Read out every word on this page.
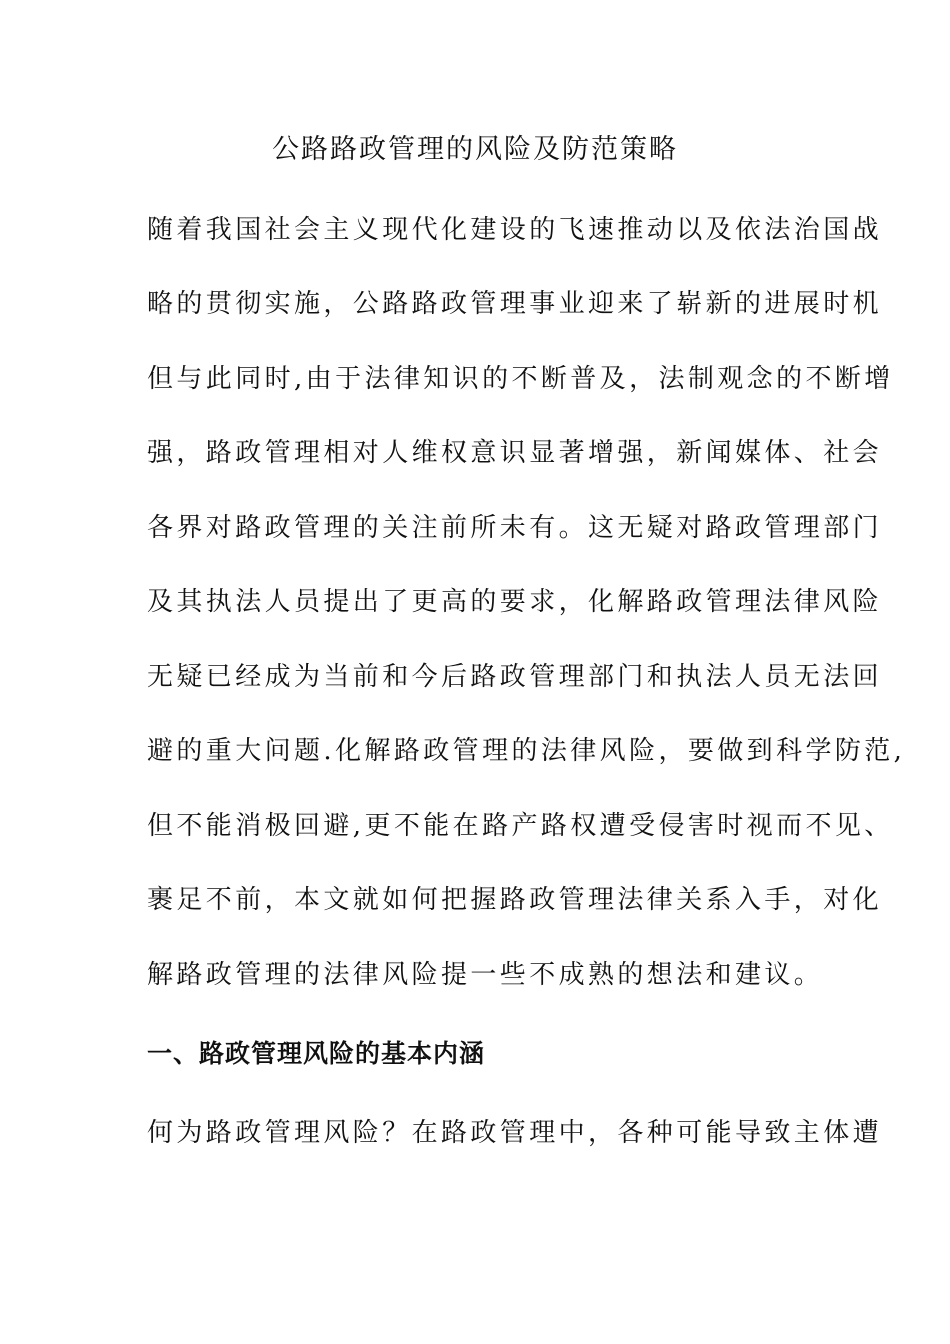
公路路政管理的风险及防范策略
随着我国社会主义现代化建设的飞速推动以及依法治国战
略的贯彻实施，公路路政管理事业迎来了崭新的进展时机
但与此同时,由于法律知识的不断普及，法制观念的不断增
强，路政管理相对人维权意识显著增强，新闻媒体、社会
各界对路政管理的关注前所未有。这无疑对路政管理部门
及其执法人员提出了更高的要求，化解路政管理法律风险
无疑已经成为当前和今后路政管理部门和执法人员无法回
避的重大问题.化解路政管理的法律风险，要做到科学防范,
但不能消极回避,更不能在路产路权遭受侵害时视而不见、
裹足不前，本文就如何把握路政管理法律关系入手，对化
解路政管理的法律风险提一些不成熟的想法和建议。
一、路政管理风险的基本内涵
何为路政管理风险？在路政管理中，各种可能导致主体遭
